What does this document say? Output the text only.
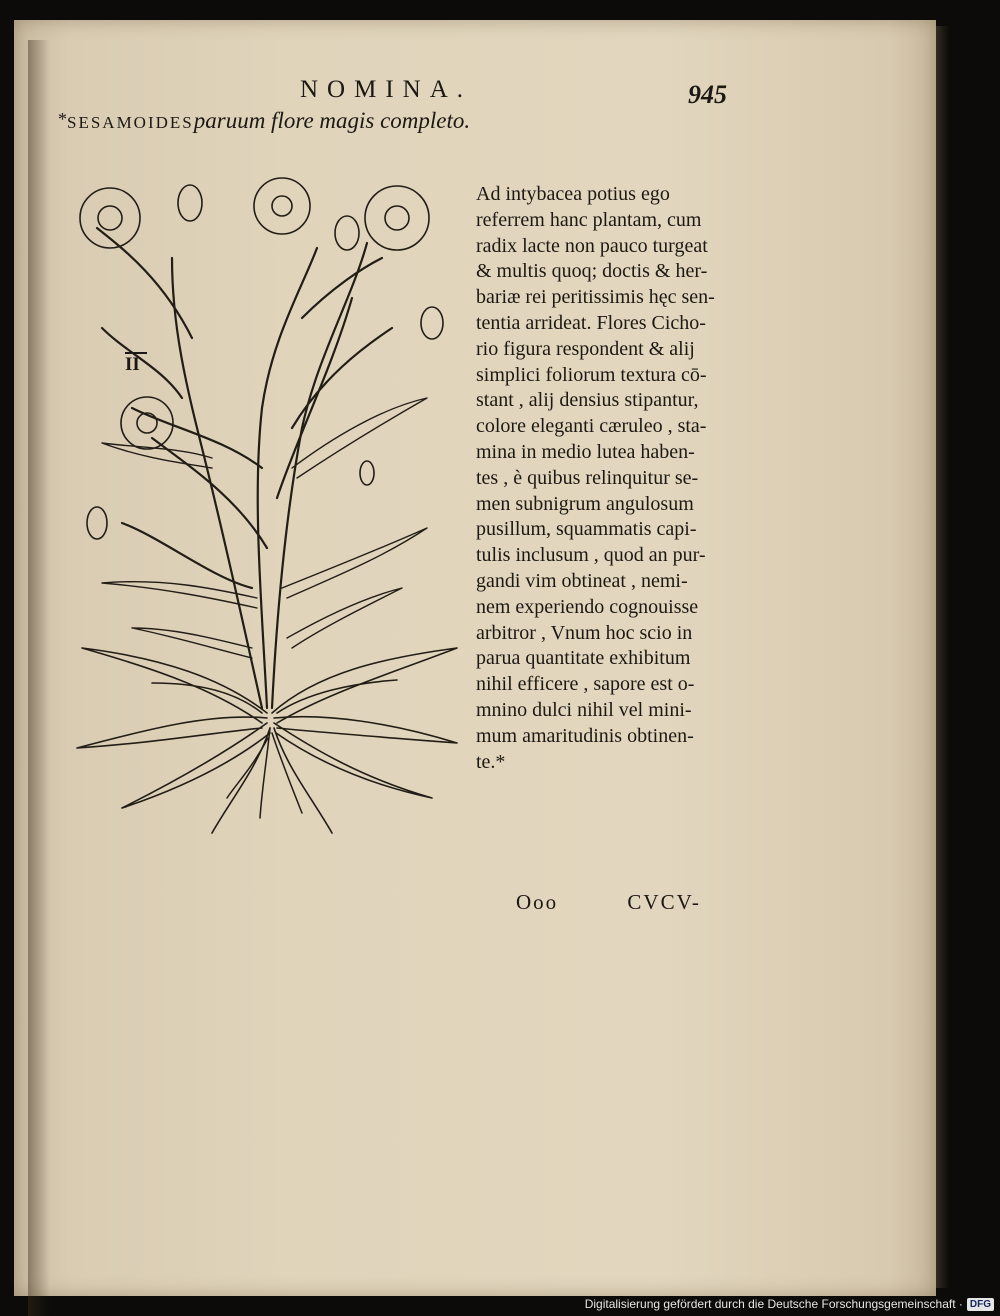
NOMINA.	945
*SESAMOIDESparuum flore magis completo.
II
Ad intybacea potius ego
referrem hanc plantam, cum
radix lacte non pauco turgeat
& multis quoq; doctis & her-
bariæ rei peritissimis hęc sen-
tentia arrideat. Flores Cicho-
rio figura respondent & alij
simplici foliorum textura cō-
stant , alij densius stipantur,
colore eleganti cæruleo , sta-
mina in medio lutea haben-
tes , è quibus relinquitur se-
men subnigrum angulosum
pusillum, squammatis capi-
tulis inclusum , quod an pur-
gandi vim obtineat , nemi-
nem experiendo cognouisse
arbitror , Vnum hoc scio in
parua quantitate exhibitum
nihil efficere , sapore est o-
mnino dulci nihil vel mini-
mum amaritudinis obtinen-
te.*
Ooo	CVCV-
Digitalisierung gefördert durch die Deutsche Forschungsgemeinschaft · DFG
